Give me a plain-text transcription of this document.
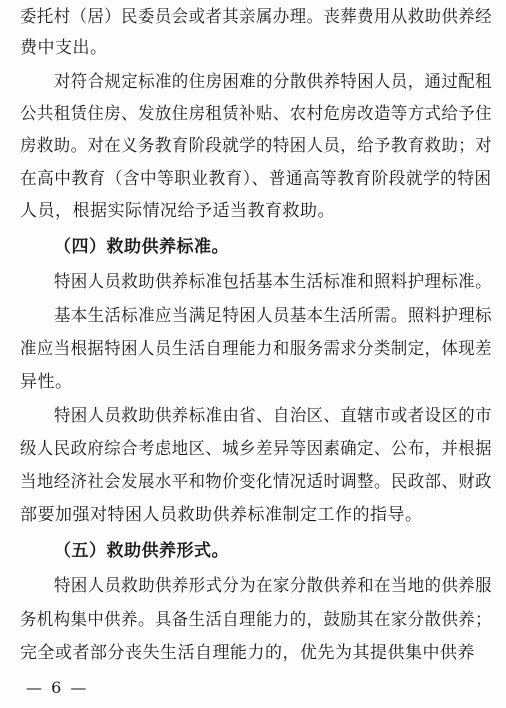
委托村（居）民委员会或者其亲属办理。丧葬费用从救助供养经
费中支出。
对符合规定标准的住房困难的分散供养特困人员，通过配租
公共租赁住房、发放住房租赁补贴、农村危房改造等方式给予住
房救助。对在义务教育阶段就学的特困人员，给予教育救助；对
在高中教育（含中等职业教育）、普通高等教育阶段就学的特困
人员，根据实际情况给予适当教育救助。
（四）救助供养标准。
特困人员救助供养标准包括基本生活标准和照料护理标准。
基本生活标准应当满足特困人员基本生活所需。照料护理标
准应当根据特困人员生活自理能力和服务需求分类制定，体现差
异性。
特困人员救助供养标准由省、自治区、直辖市或者设区的市
级人民政府综合考虑地区、城乡差异等因素确定、公布，并根据
当地经济社会发展水平和物价变化情况适时调整。民政部、财政
部要加强对特困人员救助供养标准制定工作的指导。
（五）救助供养形式。
特困人员救助供养形式分为在家分散供养和在当地的供养服
务机构集中供养。具备生活自理能力的，鼓励其在家分散供养；
完全或者部分丧失生活自理能力的，优先为其提供集中供养
— 6 —
